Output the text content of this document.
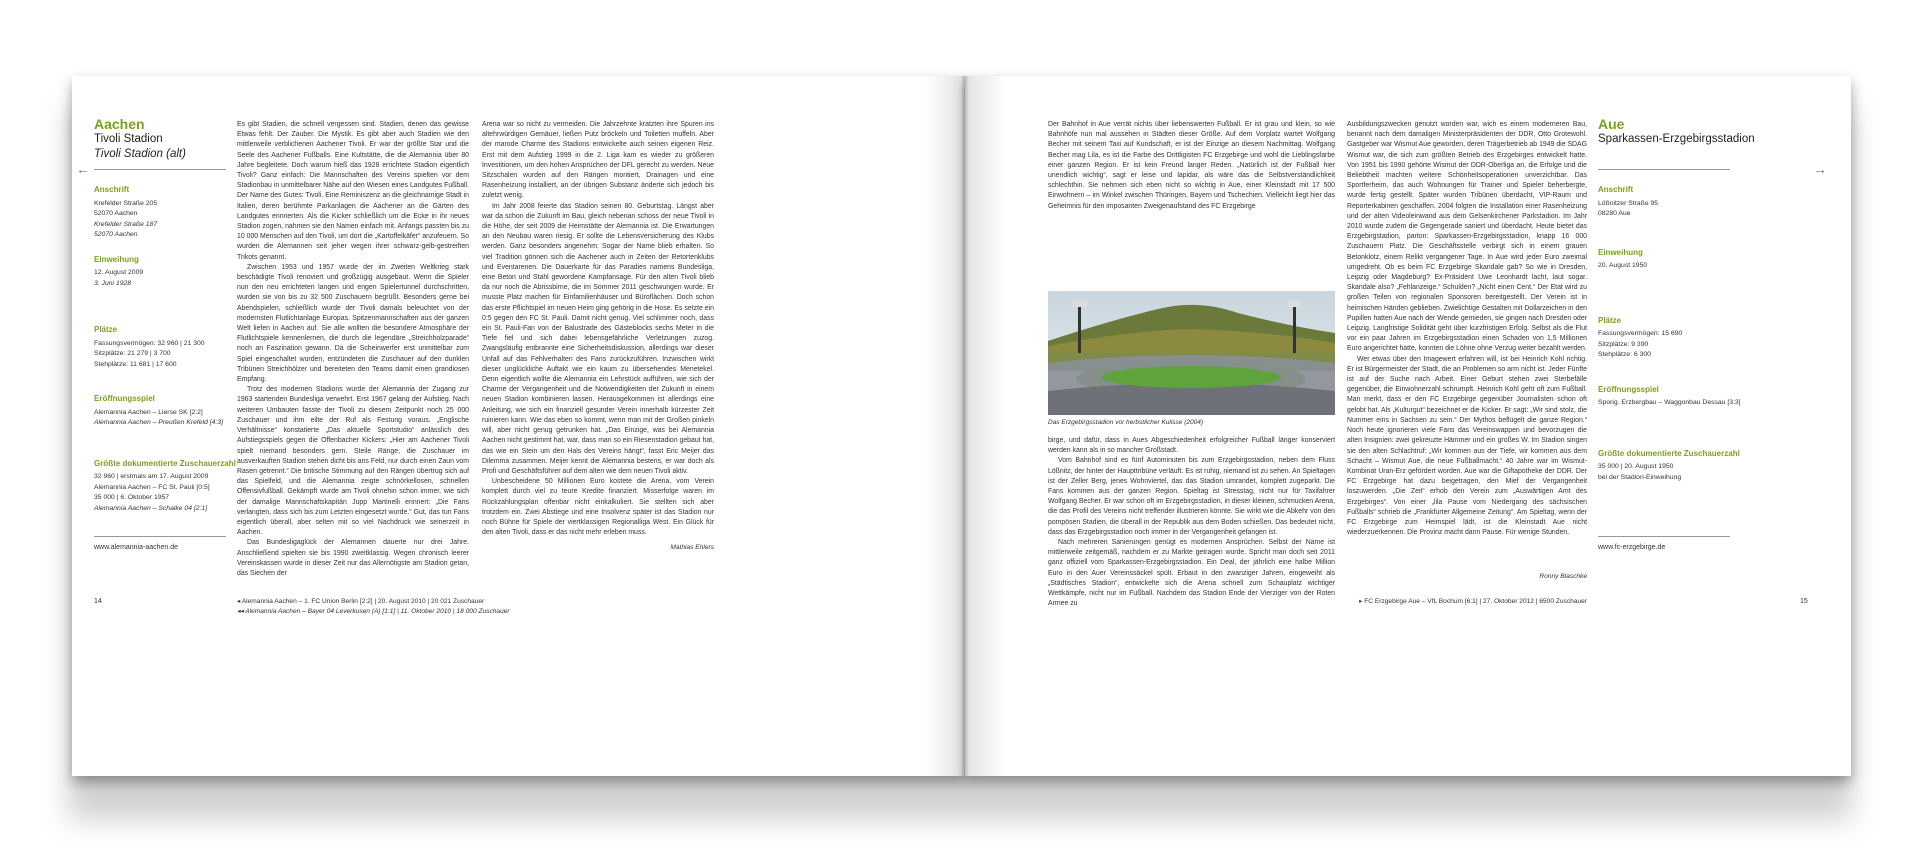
Aachen
Tivoli Stadion
Tivoli Stadion (alt)
←
Anschrift
Krefelder Straße 205
52070 Aachen
Krefelder Straße 187
52070 Aachen
Einweihung
12. August 2009
3. Juni 1928
Plätze
Fassungsvermögen: 32 960 | 21 300
Sitzplätze: 21 279 | 3 700
Stehplätze: 11 681 | 17 600
Eröffnungsspiel
Alemannia Aachen – Lierse SK [2:2]
Alemannia Aachen – Preußen Krefeld [4:3]
Größte dokumentierte Zuschauerzahl
32 960 | erstmals am 17. August 2009
Alemannia Aachen – FC St. Pauli [0:5]
35 000 | 6. Oktober 1957
Alemannia Aachen – Schalke 04 [2:1]
www.alemannia-aachen.de

Es gibt Stadien, die schnell vergessen sind. Stadien, denen das gewisse Etwas fehlt. Der Zauber. Die Mystik. Es gibt aber auch Stadien wie den mittlerweile verblichenen Aachener Tivoli. Er war der größte Star und die Seele des Aachener Fußballs. Eine Kultstätte, die die Alemannia über 80 Jahre begleitete. Doch warum hieß das 1928 errichtete Stadion eigentlich Tivoli? Ganz einfach: Die Mannschaften des Vereins spielten vor dem Stadionbau in unmittelbarer Nähe auf den Wiesen eines Landgutes Fußball. Der Name des Gutes: Tivoli. Eine Reminiszenz an die gleichnamige Stadt in Italien, deren berühmte Parkanlagen die Aachener an die Gärten des Landgutes erinnerten. Als die Kicker schließlich um die Ecke in ihr neues Stadion zogen, nahmen sie den Namen einfach mit. Anfangs passten bis zu 10 000 Menschen auf den Tivoli, um dort die „Kartoffelkäfer“ anzufeuern. So wurden die Alemannen seit jeher wegen ihrer schwarz-gelb-gestreiften Trikots genannt.

Zwischen 1953 und 1957 wurde der im Zweiten Weltkrieg stark beschädigte Tivoli renoviert und großzügig ausgebaut. Wenn die Spieler nun den neu errichteten langen und engen Spielertunnel durchschritten, wurden sie von bis zu 32 500 Zuschauern begrüßt. Besonders gerne bei Abendspielen, schließlich wurde der Tivoli damals beleuchtet von der modernsten Flutlichtanlage Europas. Spitzenmannschaften aus der ganzen Welt liefen in Aachen auf. Sie alle wollten die besondere Atmosphäre der Flutlichtspiele kennenlernen, die durch die legendäre „Streichholzparade“ noch an Faszination gewann. Da die Scheinwerfer erst unmittelbar zum Spiel eingeschaltet wurden, entzündeten die Zuschauer auf den dunklen Tribünen Streichhölzer und bereiteten den Teams damit einen grandiosen Empfang.

Trotz des modernen Stadions wurde der Alemannia der Zugang zur 1963 startenden Bundesliga verwehrt. Erst 1967 gelang der Aufstieg. Nach weiteren Umbauten fasste der Tivoli zu diesem Zeitpunkt noch 25 000 Zuschauer und ihm eilte der Ruf als Festung voraus. „Englische Verhältnisse“ konstatierte „Das aktuelle Sportstudio“ anlässlich des Aufstiegsspiels gegen die Offenbacher Kickers: „Hier am Aachener Tivoli spielt niemand besonders gern. Steile Ränge, die Zuschauer im ausverkauften Stadion stehen dicht bis ans Feld, nur durch einen Zaun vom Rasen getrennt.“ Die britische Stimmung auf den Rängen übertrug sich auf das Spielfeld, und die Alemannia zeigte schnörkellosen, schnellen Offensivfußball. Gekämpft wurde am Tivoli ohnehin schon immer, wie sich der damalige Mannschaftskapitän Jupp Martinelli erinnert: „Die Fans verlangten, dass sich bis zum Letzten eingesetzt wurde.“ Gut, das tun Fans eigentlich überall, aber selten mit so viel Nachdruck wie seinerzeit in Aachen.

Das Bundesligaglück der Alemannen dauerte nur drei Jahre. Anschließend spielten sie bis 1990 zweitklassig. Wegen chronisch leerer Vereinskassen wurde in dieser Zeit nur das Allernötigste am Stadion getan, das Siechen der

Arena war so nicht zu vermeiden. Die Jahrzehnte kratzten ihre Spuren ins altehrwürdigen Gemäuer, ließen Putz bröckeln und Toiletten muffeln. Aber der marode Charme des Stadions entwickelte auch seinen eigenen Reiz. Erst mit dem Aufstieg 1999 in die 2. Liga kam es wieder zu größeren Investitionen, um den hohen Ansprüchen der DFL gerecht zu werden. Neue Sitzschalen wurden auf den Rängen montiert, Drainagen und eine Rasenheizung installiert, an der übrigen Substanz änderte sich jedoch bis zuletzt wenig.

Im Jahr 2008 feierte das Stadion seinen 80. Geburtstag. Längst aber war da schon die Zukunft im Bau, gleich nebenan schoss der neue Tivoli in die Höhe, der seit 2009 die Heimstätte der Alemannia ist. Die Erwartungen an den Neubau waren riesig. Er sollte die Lebensversicherung des Klubs werden. Ganz besonders angenehm: Sogar der Name blieb erhalten. So viel Tradition gönnen sich die Aachener auch in Zeiten der Retortenklubs und Eventarenen. Die Dauerkarte für das Paradies namens Bundesliga, eine Beton und Stahl gewordene Kampfansage. Für den alten Tivoli blieb da nur noch die Abrissbirne, die im Sommer 2011 geschwungen wurde. Er musste Platz machen für Einfamilienhäuser und Büroflächen. Doch schon das erste Pflichtspiel im neuen Heim ging gehörig in die Hose. Es setzte ein 0:5 gegen den FC St. Pauli. Damit nicht genug. Viel schlimmer noch, dass ein St. Pauli-Fan von der Balustrade des Gästeblocks sechs Meter in die Tiefe fiel und sich dabei lebensgefährliche Verletzungen zuzog. Zwangsläufig entbrannte eine Sicherheitsdiskussion, allerdings war dieser Unfall auf das Fehlverhalten des Fans zurückzuführen. Inzwischen wirkt dieser unglückliche Auftakt wie ein kaum zu übersehendes Menetekel. Denn eigentlich wollte die Alemannia ein Lehrstück aufführen, wie sich der Charme der Vergangenheit und die Notwendigkeiten der Zukunft in einem neuen Stadion kombinieren lassen. Herausgekommen ist allerdings eine Anleitung, wie sich ein finanziell gesunder Verein innerhalb kürzester Zeit ruinieren kann. Wie das eben so kommt, wenn man mit der Großen pinkeln will, aber nicht genug getrunken hat. „Das Einzige, was bei Alemannia Aachen nicht gestimmt hat, war, dass man so ein Riesenstadion gebaut hat, das wie ein Stein um den Hals des Vereins hängt“, fasst Eric Meijer das Dilemma zusammen. Meijer kennt die Alemannia bestens, er war doch als Profi und Geschäftsführer auf dem alten wie dem neuen Tivoli aktiv.

Unbescheidene 50 Millionen Euro kostete die Arena, vom Verein komplett durch viel zu teure Kredite finanziert. Misserfolge waren im Rückzahlungsplan offenbar nicht einkalkuliert. Sie stellten sich aber trotzdem ein. Zwei Abstiege und eine Insolvenz später ist das Stadion nur noch Bühne für Spiele der viertklassigen Regionalliga West. Ein Glück für den alten Tivoli, dass er das nicht mehr erleben muss.

Mathias Ehlers
14	◂ Alemannia Aachen – 1. FC Union Berlin [2:2] | 20. August 2010 | 20 021 Zuschauer
◂◂ Alemannia Aachen – Bayer 04 Leverkusen (A) [1:1] | 11. Oktober 2010 | 18 000 Zuschauer

Der Bahnhof in Aue verrät nichts über liebenswerten Fußball. Er ist grau und klein, so wie Bahnhöfe nun mal aussehen in Städten dieser Größe. Auf dem Vorplatz wartet Wolfgang Becher mit seinem Taxi auf Kundschaft, er ist der Einzige an diesem Nachmittag. Wolfgang Becher mag Lila, es ist die Farbe des Drittligisten FC Erzgebirge und wohl die Lieblingsfarbe einer ganzen Region. Er ist kein Freund langer Reden. „Natürlich ist der Fußball hier unendlich wichtig“, sagt er leise und lapidar, als wäre das die Selbstverständlichkeit schlechthin. Sie nehmen sich eben nicht so wichtig in Aue, einer Kleinstadt mit 17 500 Einwohnern – im Winkel zwischen Thüringen, Bayern und Tschechien. Vielleicht liegt hier das Geheimnis für den imposanten Zweigenaufstand des FC Erzgebirge

Das Erzgebirgsstadion vor herbstlicher Kulisse (2004)

birge, und dafür, dass in Aues Abgeschiedenheit erfolgreicher Fußball länger konserviert werden kann als in so mancher Großstadt.

Vom Bahnhof sind es fünf Autominuten bis zum Erzgebirgsstadion, neben dem Fluss Lößnitz, der hinter der Haupttribüne verläuft. Es ist ruhig, niemand ist zu sehen. An Spieltagen ist der Zeller Berg, jenes Wohnviertel, das das Stadion umrandet, komplett zugeparkt. Die Fans kommen aus der ganzen Region. Spieltag ist Stresstag, nicht nur für Taxifahrer Wolfgang Becher. Er war schon oft im Erzgebirgsstadion, in dieser kleinen, schmucken Arena, die das Profil des Vereins nicht treffender illustrieren könnte. Sie wirkt wie die Abkehr von den pompösen Stadien, die überall in der Republik aus dem Boden schießen. Das bedeutet nicht, dass das Erzgebirgsstadion noch immer in der Vergangenheit gefangen ist.

Nach mehreren Sanierungen genügt es modernen Ansprüchen. Selbst der Name ist mittlerweile zeitgemäß, nachdem er zu Markte getragen wurde. Spricht man doch seit 2011 ganz offiziell vom Sparkassen-Erzgebirgsstadion. Ein Deal, der jährlich eine halbe Million Euro in den Auer Vereinssäckel spült. Erbaut in den zwanziger Jahren, eingeweiht als „Städtisches Stadion“, entwickelte sich die Arena schnell zum Schauplatz wichtiger Wettkämpfe, nicht nur im Fußball. Nachdem das Stadion Ende der Vierziger von der Roten Armee zu

Ausbildungszwecken genutzt worden war, wich es einem moderneren Bau, benannt nach dem damaligen Ministerpräsidenten der DDR, Otto Grotewohl. Gastgeber war Wismut Aue geworden, deren Trägerbetrieb ab 1949 die SDAG Wismut war, die sich zum größten Betrieb des Erzgebirges entwickelt hatte. Von 1951 bis 1990 gehörte Wismut der DDR-Oberliga an, die Erfolge und die Beliebtheit machten weitere Schönheitsoperationen unverzichtbar. Das Sportferheim, das auch Wohnungen für Trainer und Spieler beherbergte, wurde fertig gestellt. Später wurden Tribünen überdacht, VIP-Raum und Reporterkabinen geschaffen. 2004 folgten die Installation einer Rasenheizung und der alten Videoleinwand aus dem Gelsenkirchener Parkstadion. Im Jahr 2010 wurde zudem die Gegengerade saniert und überdacht. Heute bietet das Erzgebirgstadion, parton: Sparkassen-Erzgebirgsstadion, knapp 16 000 Zuschauern Platz. Die Geschäftsstelle verbirgt sich in einem grauen Betonklotz, einem Relikt vergangener Tage. In Aue wird jeder Euro zweimal umgedreht. Ob es beim FC Erzgebirge Skandale gab? So wie in Dresden, Leipzig oder Magdeburg? Ex-Präsident Uwe Leonhardt lacht, laut sogar. Skandale also? „Fehlanzeige.“ Schulden? „Nicht einen Cent.“ Der Etat wird zu großen Teilen von regionalen Sponsoren bereitgestellt. Der Verein ist in heimischen Händen geblieben. Zwielichtige Gestalten mit Dollarzeichen in den Pupillen hatten Aue nach der Wende gemieden, sie gingen nach Dresden oder Leipzig. Langfristige Solidität geht über kurzfristigen Erfolg. Selbst als die Flut vor ein paar Jahren im Erzgebirgsstadion einen Schaden von 1,5 Millionen Euro angerichtet hatte, konnten die Löhne ohne Verzug weiter bezahlt werden.

Wer etwas über den Imagewert erfahren will, ist bei Heinrich Kohl richtig. Er ist Bürgermeister der Stadt, die an Problemen so arm nicht ist. Jeder Fünfte ist auf der Suche nach Arbeit. Einer Geburt stehen zwei Sterbefälle gegenüber, die Einwohnerzahl schrumpft. Heinrich Kohl geht oft zum Fußball. Man merkt, dass er den FC Erzgebirge gegenüber Journalisten schon oft gelobt hat. Als „Kulturgut“ bezeichnet er die Kicker. Er sagt: „Wir sind stolz, die Nummer eins in Sachsen zu sein.“ Der Mythos beflügelt die ganze Region.“ Noch heute ignorieren viele Fans das Vereinswappen und bevorzugen die alten Insignien: zwei gekreuzte Hämmer und ein großes W. Im Stadion singen sie den alten Schlachtruf: „Wir kommen aus der Tiefe, wir kommen aus dem Schacht – Wismut Aue, die neue Fußballmacht.“ 40 Jahre war im Wismut-Kombinat Uran-Erz gefördert worden. Aue war die Giftapotheke der DDR. Der FC Erzgebirge hat dazu beigetragen, den Mief der Vergangenheit loszuwerden. „Die Zeit“ erhob den Verein zum „Auswärtigen Amt des Erzgebirges“. Von einer „lila Pause vom Niedergang des sächsischen Fußballs“ schrieb die „Frankfurter Allgemeine Zeitung“. Am Spieltag, wenn der FC Erzgebirge zum Heimspiel lädt, ist die Kleinstadt Aue nicht wiederzuerkennen. Die Provinz macht dann Pause. Für wenige Stunden.

Ronny Blaschke
Aue
Sparkassen-Erzgebirgsstadion
→
Anschrift
Lößnitzer Straße 95
08280 Aue
Einweihung
20. August 1950
Plätze
Fassungsvermögen: 15 690
Sitzplätze: 9 390
Stehplätze: 6 300
Eröffnungsspiel
Sporig. Erzbergbau – Waggonbau Dessau [3:3]
Größte dokumentierte Zuschauerzahl
35 000 | 20. August 1950
bei der Stadion-Einweihung
www.fc-erzgebirge.de
▸ FC Erzgebirge Aue – VfL Bochum [6:1] | 27. Oktober 2012 | 6500 Zuschauer	15
